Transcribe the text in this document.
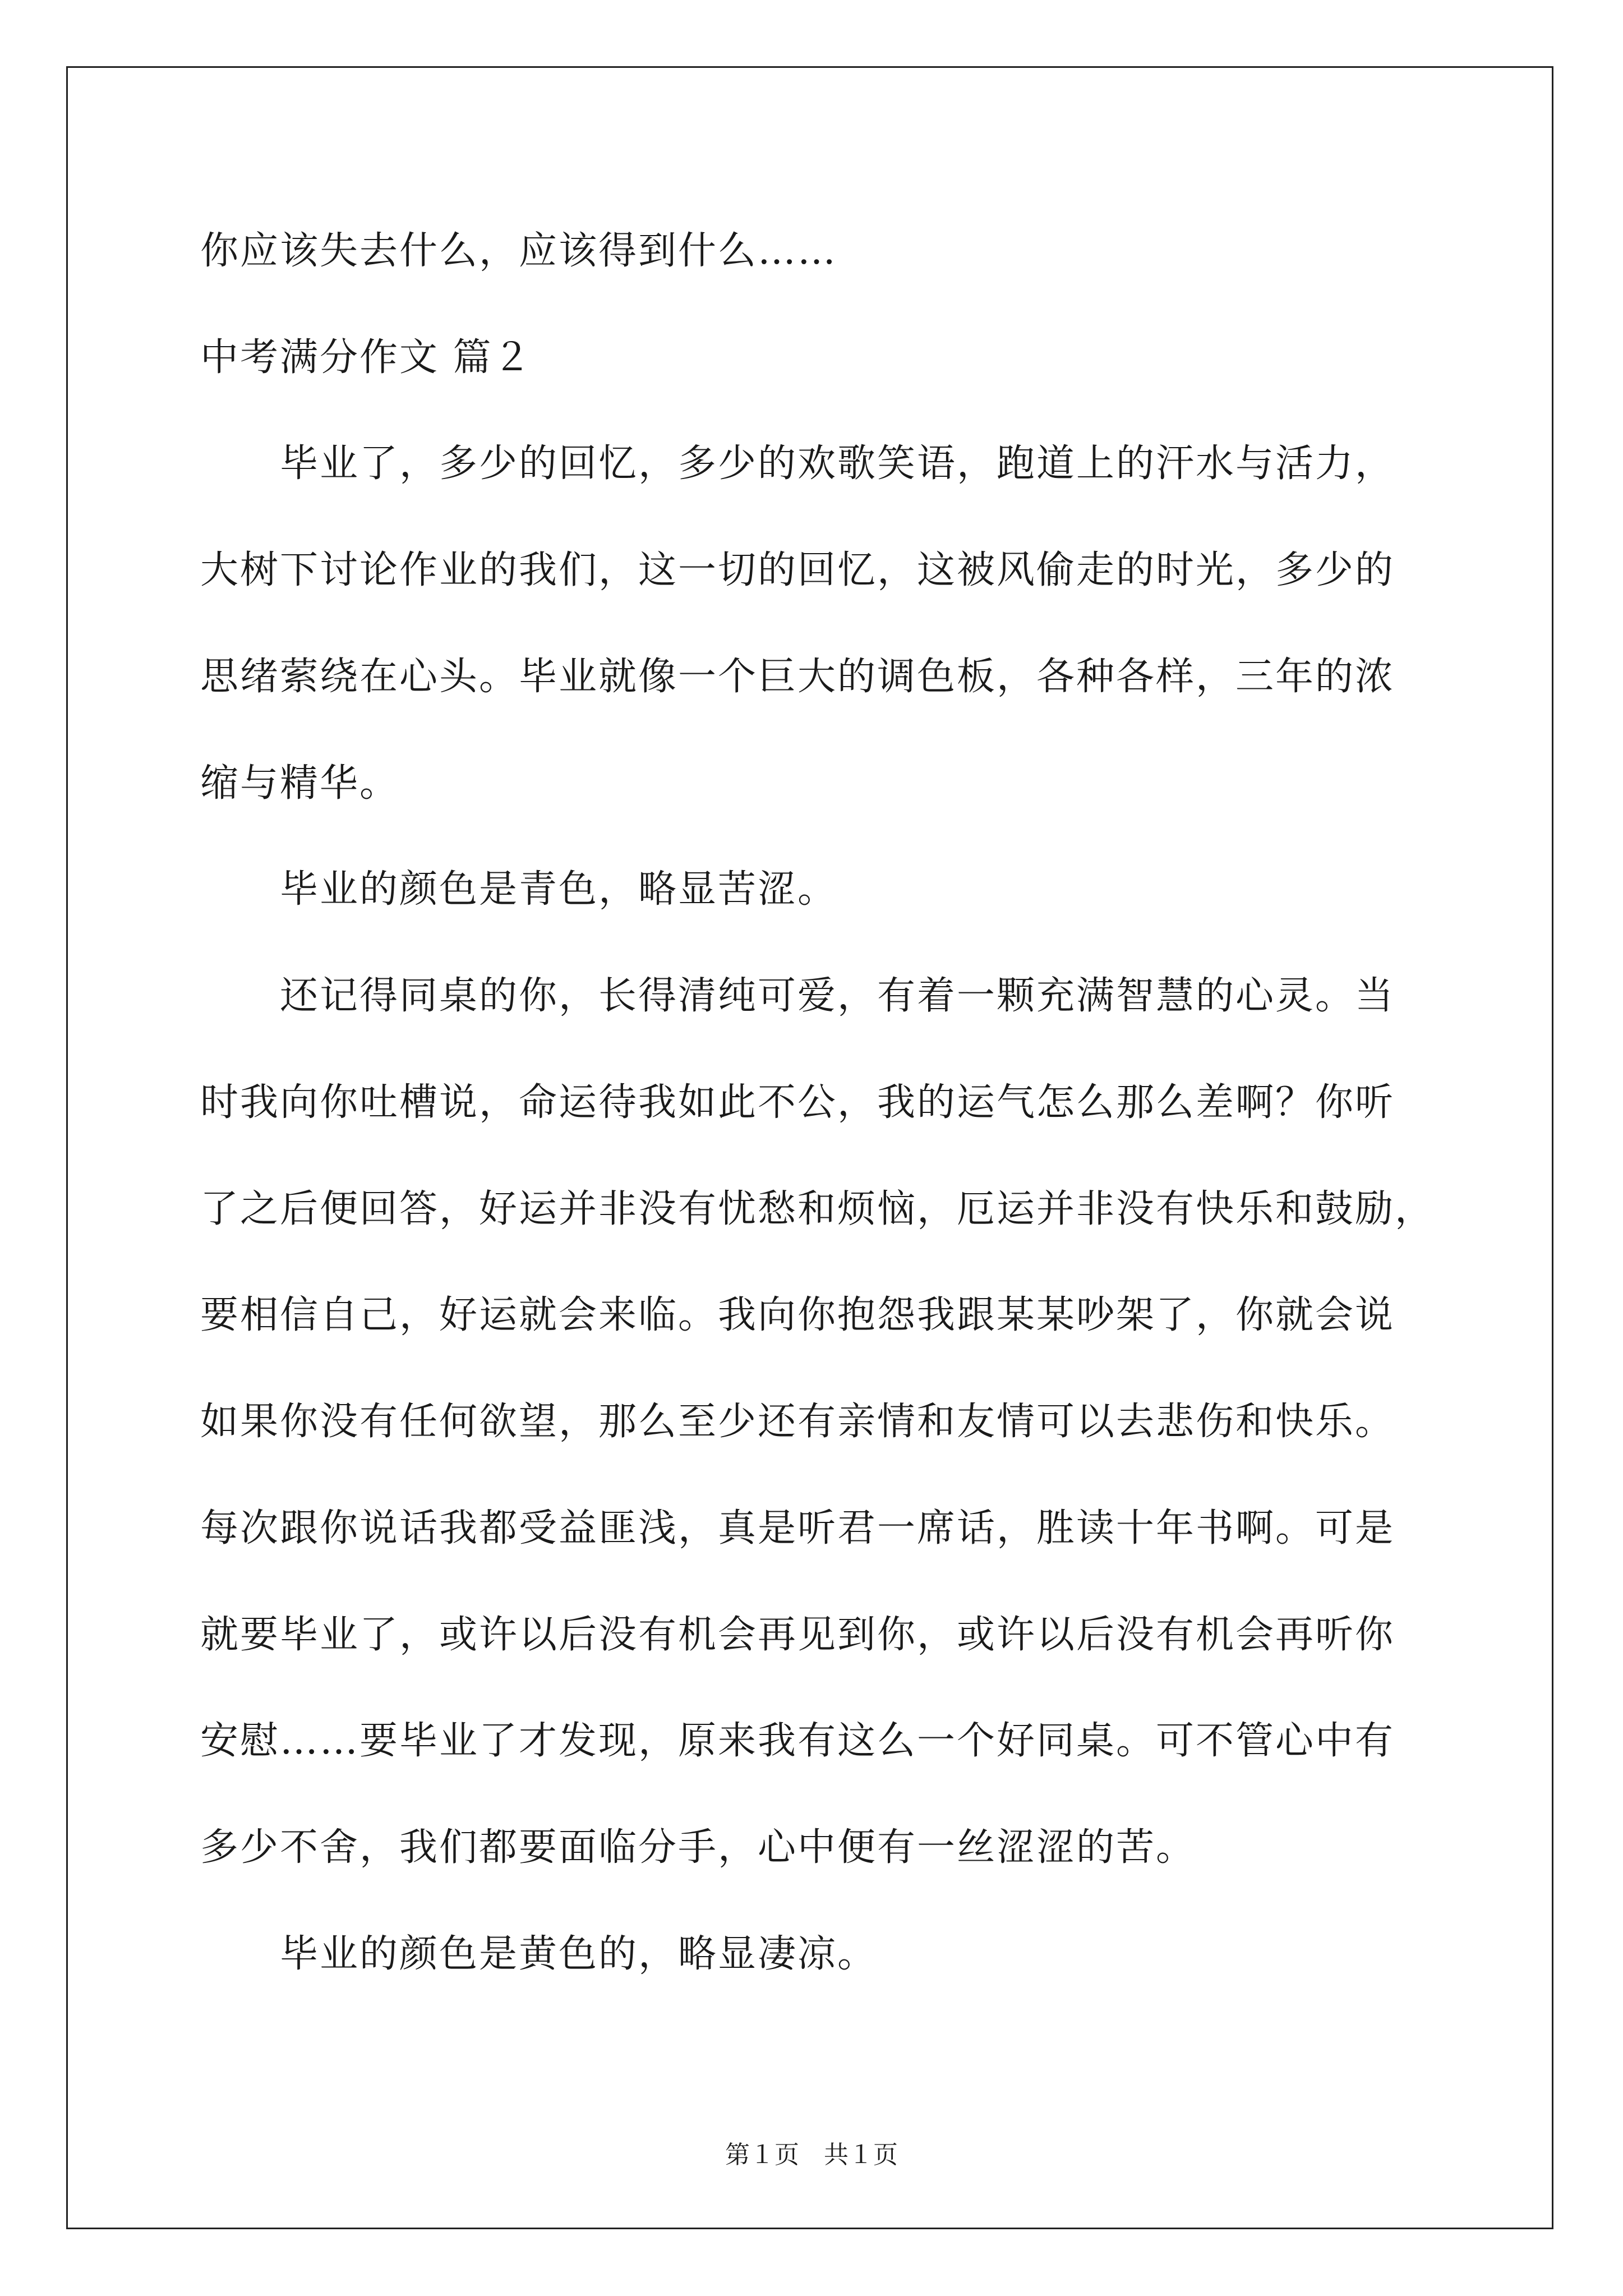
你应该失去什么，应该得到什么……
中考满分作文 篇２
　　毕业了，多少的回忆，多少的欢歌笑语，跑道上的汗水与活力，
大树下讨论作业的我们，这一切的回忆，这被风偷走的时光，多少的
思绪萦绕在心头。毕业就像一个巨大的调色板，各种各样，三年的浓
缩与精华。
　　毕业的颜色是青色，略显苦涩。
　　还记得同桌的你，长得清纯可爱，有着一颗充满智慧的心灵。当
时我向你吐槽说，命运待我如此不公，我的运气怎么那么差啊？你听
了之后便回答，好运并非没有忧愁和烦恼，厄运并非没有快乐和鼓励，
要相信自己，好运就会来临。我向你抱怨我跟某某吵架了，你就会说
如果你没有任何欲望，那么至少还有亲情和友情可以去悲伤和快乐。
每次跟你说话我都受益匪浅，真是听君一席话，胜读十年书啊。可是
就要毕业了，或许以后没有机会再见到你，或许以后没有机会再听你
安慰……要毕业了才发现，原来我有这么一个好同桌。可不管心中有
多少不舍，我们都要面临分手，心中便有一丝涩涩的苦。
　　毕业的颜色是黄色的，略显凄凉。
第１页　共１页
